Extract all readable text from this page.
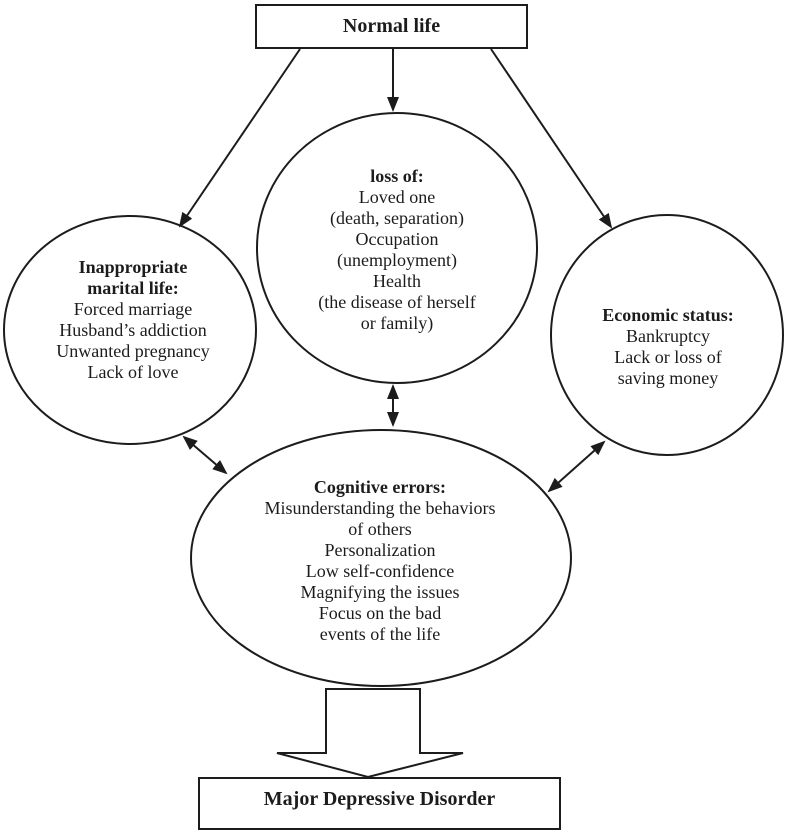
Normal life
loss of:
Loved one
(death, separation)
Occupation
(unemployment)
Health
(the disease of herself
or family)
Inappropriate
marital life:
Forced marriage
Husband’s addiction
Unwanted pregnancy
Lack of love
Economic status:
Bankruptcy
Lack or loss of
saving money
Cognitive errors:
Misunderstanding the behaviors
of others
Personalization
Low self-confidence
Magnifying the issues
Focus on the bad
events of the life
Major Depressive Disorder
